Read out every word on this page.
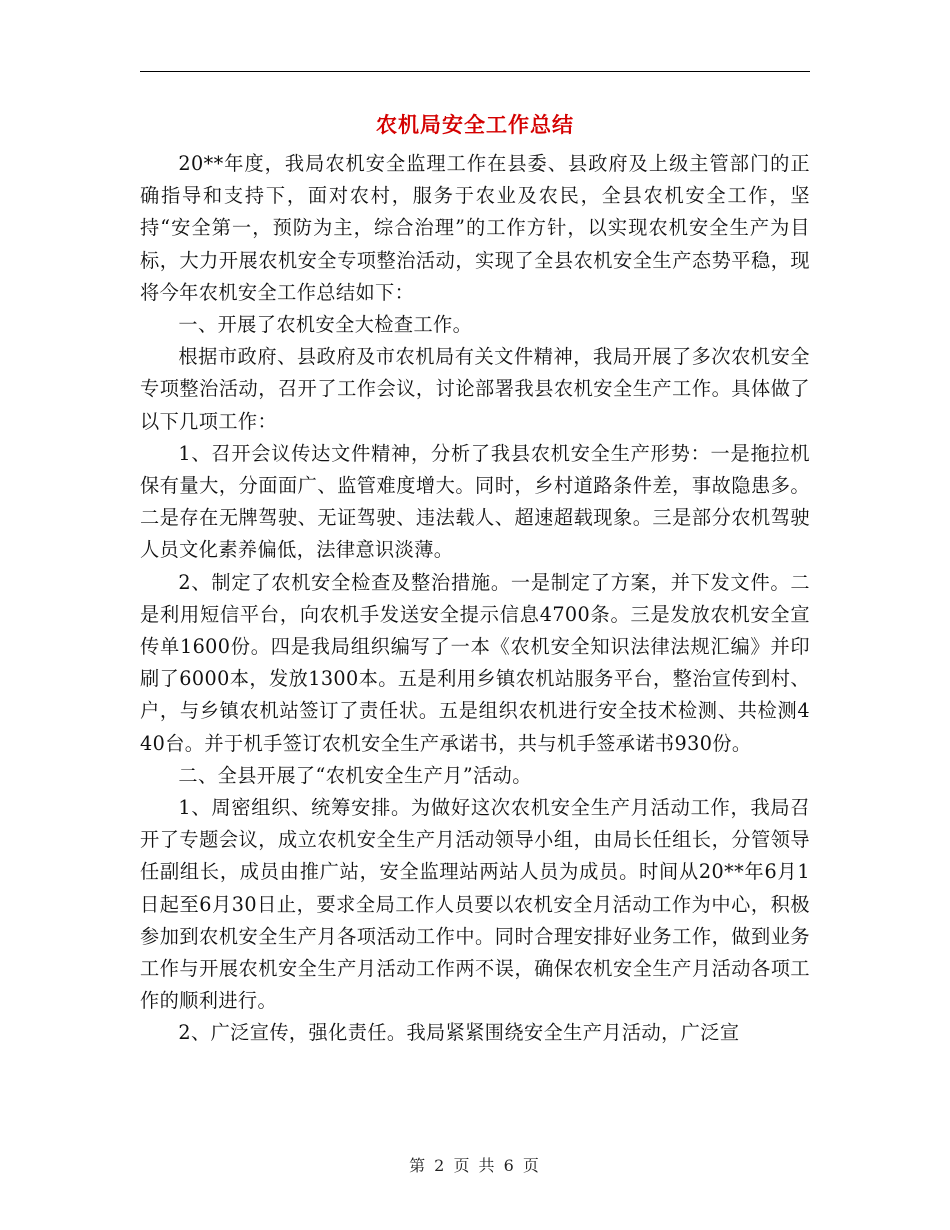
农机局安全工作总结

20**年度，我局农机安全监理工作在县委、县政府及上级主管部门的正确指导和支持下，面对农村，服务于农业及农民，全县农机安全工作，坚持“安全第一，预防为主，综合治理”的工作方针，以实现农机安全生产为目标，大力开展农机安全专项整治活动，实现了全县农机安全生产态势平稳，现将今年农机安全工作总结如下：

一、开展了农机安全大检查工作。

根据市政府、县政府及市农机局有关文件精神，我局开展了多次农机安全专项整治活动，召开了工作会议，讨论部署我县农机安全生产工作。具体做了以下几项工作：

1、召开会议传达文件精神，分析了我县农机安全生产形势：一是拖拉机保有量大，分面面广、监管难度增大。同时，乡村道路条件差，事故隐患多。二是存在无牌驾驶、无证驾驶、违法载人、超速超载现象。三是部分农机驾驶人员文化素养偏低，法律意识淡薄。

2、制定了农机安全检查及整治措施。一是制定了方案，并下发文件。二是利用短信平台，向农机手发送安全提示信息4700条。三是发放农机安全宣传单1600份。四是我局组织编写了一本《农机安全知识法律法规汇编》并印刷了6000本，发放1300本。五是利用乡镇农机站服务平台，整治宣传到村、户，与乡镇农机站签订了责任状。五是组织农机进行安全技术检测、共检测440台。并于机手签订农机安全生产承诺书，共与机手签承诺书930份。

二、全县开展了“农机安全生产月”活动。

1、周密组织、统筹安排。为做好这次农机安全生产月活动工作，我局召开了专题会议，成立农机安全生产月活动领导小组，由局长任组长，分管领导任副组长，成员由推广站，安全监理站两站人员为成员。时间从20**年6月1日起至6月30日止，要求全局工作人员要以农机安全月活动工作为中心，积极参加到农机安全生产月各项活动工作中。同时合理安排好业务工作，做到业务工作与开展农机安全生产月活动工作两不误，确保农机安全生产月活动各项工作的顺利进行。

2、广泛宣传，强化责任。我局紧紧围绕安全生产月活动，广泛宣

第 2 页 共 6 页
